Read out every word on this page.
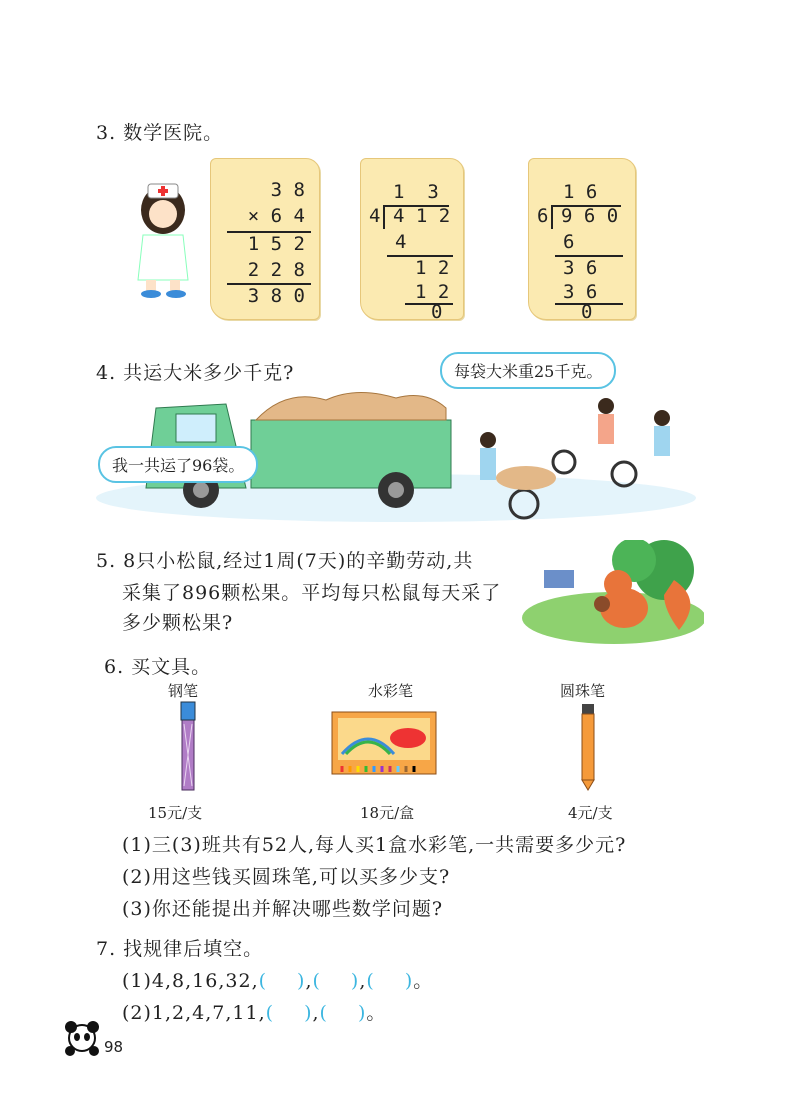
3. 数学医院。
3 8
× 6 4
1 5 2
2 2 8
3 8 0
1  3
4 4 1 2
4
1 2
1 2
0
1 6
6 9 6 0
6
3 6
3 6
0
4. 共运大米多少千克?	每袋大米重25千克。
我一共运了96袋。
5. 8只小松鼠,经过1周(7天)的辛勤劳动,共
采集了896颗松果。平均每只松鼠每天采了
多少颗松果?
6. 买文具。
钢笔	水彩笔	圆珠笔
15元/支	18元/盒	4元/支
(1)三(3)班共有52人,每人买1盒水彩笔,一共需要多少元?
(2)用这些钱买圆珠笔,可以买多少支?
(3)你还能提出并解决哪些数学问题?
7. 找规律后填空。
(1)4,8,16,32,( ),( ),( )。
(2)1,2,4,7,11,( ),( )。
98
